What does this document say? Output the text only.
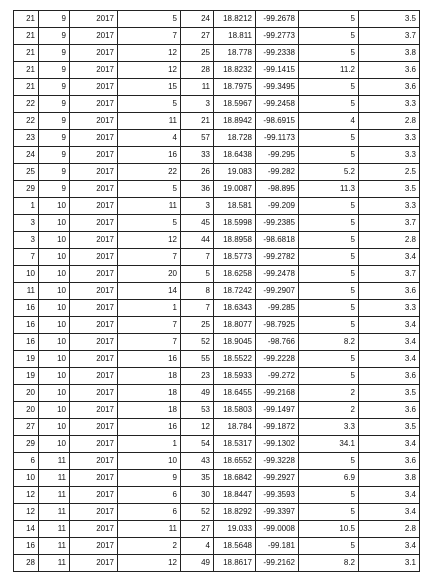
21	9	2017	5	24	18.8212	-99.2678	5	3.5
21	9	2017	7	27	18.811	-99.2773	5	3.7
21	9	2017	12	25	18.778	-99.2338	5	3.8
21	9	2017	12	28	18.8232	-99.1415	11.2	3.6
21	9	2017	15	11	18.7975	-99.3495	5	3.6
22	9	2017	5	3	18.5967	-99.2458	5	3.3
22	9	2017	11	21	18.8942	-98.6915	4	2.8
23	9	2017	4	57	18.728	-99.1173	5	3.3
24	9	2017	16	33	18.6438	-99.295	5	3.3
25	9	2017	22	26	19.083	-99.282	5.2	2.5
29	9	2017	5	36	19.0087	-98.895	11.3	3.5
1	10	2017	11	3	18.581	-99.209	5	3.3
3	10	2017	5	45	18.5998	-99.2385	5	3.7
3	10	2017	12	44	18.8958	-98.6818	5	2.8
7	10	2017	7	7	18.5773	-99.2782	5	3.4
10	10	2017	20	5	18.6258	-99.2478	5	3.7
11	10	2017	14	8	18.7242	-99.2907	5	3.6
16	10	2017	1	7	18.6343	-99.285	5	3.3
16	10	2017	7	25	18.8077	-98.7925	5	3.4
16	10	2017	7	52	18.9045	-98.766	8.2	3.4
19	10	2017	16	55	18.5522	-99.2228	5	3.4
19	10	2017	18	23	18.5933	-99.272	5	3.6
20	10	2017	18	49	18.6455	-99.2168	2	3.5
20	10	2017	18	53	18.5803	-99.1497	2	3.6
27	10	2017	16	12	18.784	-99.1872	3.3	3.5
29	10	2017	1	54	18.5317	-99.1302	34.1	3.4
6	11	2017	10	43	18.6552	-99.3228	5	3.6
10	11	2017	9	35	18.6842	-99.2927	6.9	3.8
12	11	2017	6	30	18.8447	-99.3593	5	3.4
12	11	2017	6	52	18.8292	-99.3397	5	3.4
14	11	2017	11	27	19.033	-99.0008	10.5	2.8
16	11	2017	2	4	18.5648	-99.181	5	3.4
28	11	2017	12	49	18.8617	-99.2162	8.2	3.1
